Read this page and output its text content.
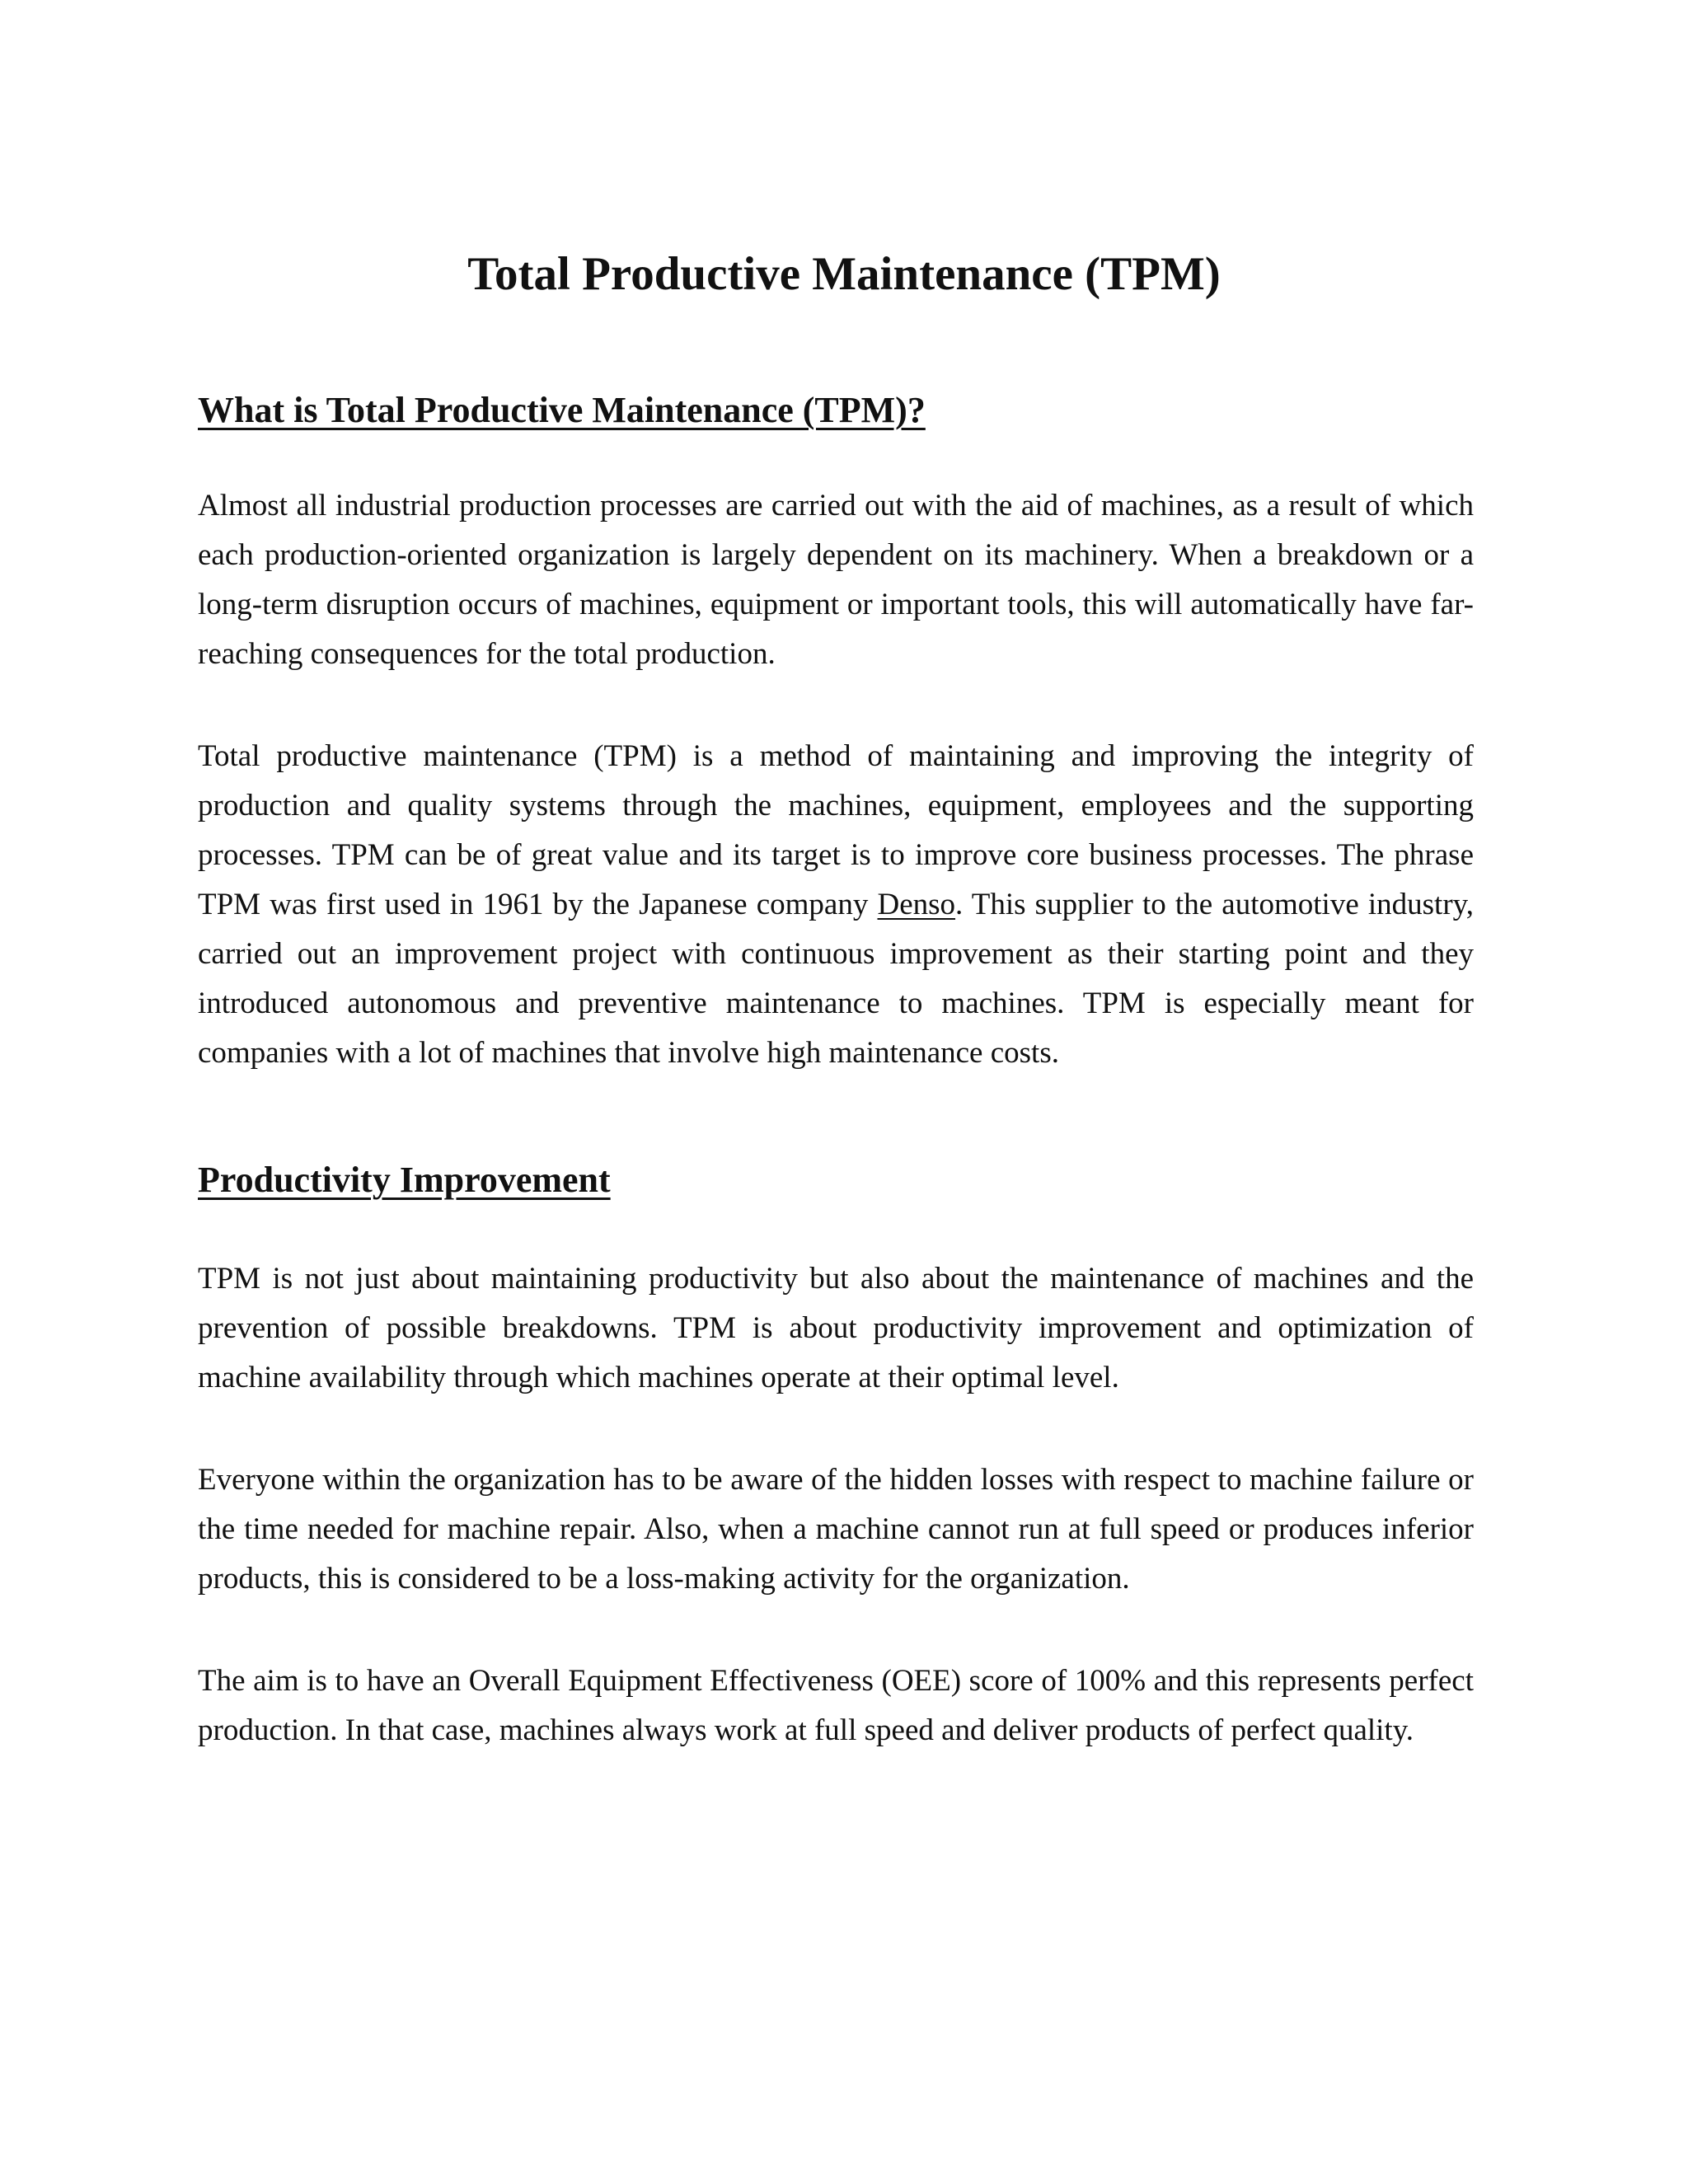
Total Productive Maintenance (TPM)
What is Total Productive Maintenance (TPM)?

Almost all industrial production processes are carried out with the aid of machines, as a result of which each production-oriented organization is largely dependent on its machinery. When a breakdown or a long-term disruption occurs of machines, equipment or important tools, this will automatically have far-reaching consequences for the total production.

Total productive maintenance (TPM) is a method of maintaining and improving the integrity of production and quality systems through the machines, equipment, employees and the supporting processes. TPM can be of great value and its target is to improve core business processes. The phrase TPM was first used in 1961 by the Japanese company Denso. This supplier to the automotive industry, carried out an improvement project with continuous improvement as their starting point and they introduced autonomous and preventive maintenance to machines. TPM is especially meant for companies with a lot of machines that involve high maintenance costs.

Productivity Improvement

TPM is not just about maintaining productivity but also about the maintenance of machines and the prevention of possible breakdowns. TPM is about productivity improvement and optimization of machine availability through which machines operate at their optimal level.

Everyone within the organization has to be aware of the hidden losses with respect to machine failure or the time needed for machine repair. Also, when a machine cannot run at full speed or produces inferior products, this is considered to be a loss-making activity for the organization.

The aim is to have an Overall Equipment Effectiveness (OEE) score of 100% and this represents perfect production. In that case, machines always work at full speed and deliver products of perfect quality.
